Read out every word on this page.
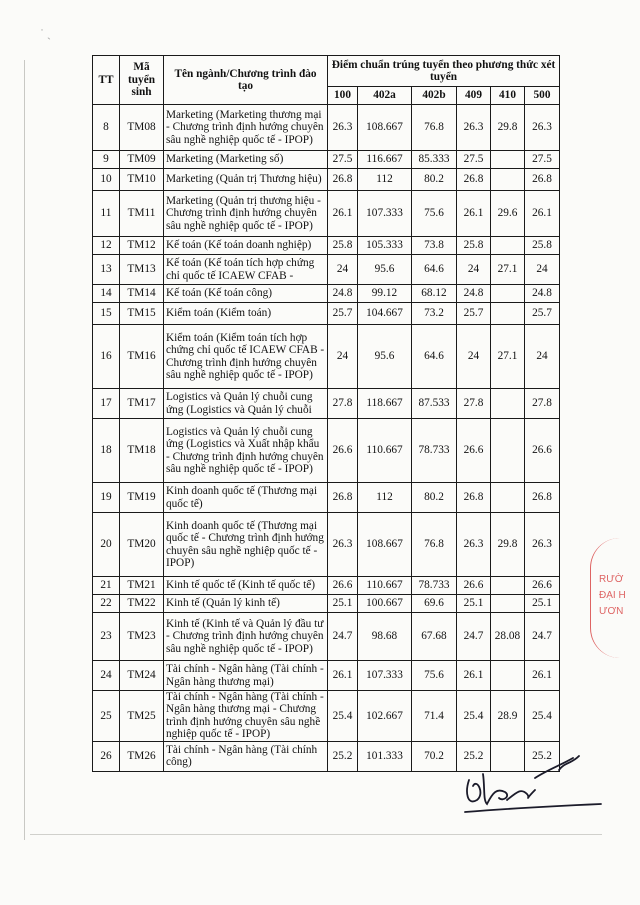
˙ ˏ
TT	Mã tuyển sinh	Tên ngành/Chương trình đào tạo	Điểm chuẩn trúng tuyển theo phương thức xét tuyển					
			100	402a	402b	409	410	500
8	TM08	Marketing (Marketing thương mại - Chương trình định hướng chuyên sâu nghề nghiệp quốc tế - IPOP)	26.3	108.667	76.8	26.3	29.8	26.3
9	TM09	Marketing (Marketing số)	27.5	116.667	85.333	27.5		27.5
10	TM10	Marketing (Quản trị Thương hiệu)	26.8	112	80.2	26.8		26.8
11	TM11	Marketing (Quản trị thương hiệu - Chương trình định hướng chuyên sâu nghề nghiệp quốc tế - IPOP)	26.1	107.333	75.6	26.1	29.6	26.1
12	TM12	Kế toán (Kế toán doanh nghiệp)	25.8	105.333	73.8	25.8		25.8
13	TM13	Kế toán (Kế toán tích hợp chứng chỉ quốc tế ICAEW CFAB -	24	95.6	64.6	24	27.1	24
14	TM14	Kế toán (Kế toán công)	24.8	99.12	68.12	24.8		24.8
15	TM15	Kiểm toán (Kiểm toán)	25.7	104.667	73.2	25.7		25.7
16	TM16	Kiểm toán (Kiểm toán tích hợp chứng chỉ quốc tế ICAEW CFAB - Chương trình định hướng chuyên sâu nghề nghiệp quốc tế - IPOP)	24	95.6	64.6	24	27.1	24
17	TM17	Logistics và Quản lý chuỗi cung ứng (Logistics và Quản lý chuỗi	27.8	118.667	87.533	27.8		27.8
18	TM18	Logistics và Quản lý chuỗi cung ứng (Logistics và Xuất nhập khẩu - Chương trình định hướng chuyên sâu nghề nghiệp quốc tế - IPOP)	26.6	110.667	78.733	26.6		26.6
19	TM19	Kinh doanh quốc tế (Thương mại quốc tế)	26.8	112	80.2	26.8		26.8
20	TM20	Kinh doanh quốc tế (Thương mại quốc tế - Chương trình định hướng chuyên sâu nghề nghiệp quốc tế - IPOP)	26.3	108.667	76.8	26.3	29.8	26.3
21	TM21	Kinh tế quốc tế (Kinh tế quốc tế)	26.6	110.667	78.733	26.6		26.6
22	TM22	Kinh tế (Quản lý kinh tế)	25.1	100.667	69.6	25.1		25.1
23	TM23	Kinh tế (Kinh tế và Quản lý đầu tư - Chương trình định hướng chuyên sâu nghề nghiệp quốc tế - IPOP)	24.7	98.68	67.68	24.7	28.08	24.7
24	TM24	Tài chính - Ngân hàng (Tài chính - Ngân hàng thương mại)	26.1	107.333	75.6	26.1		26.1
25	TM25	Tài chính - Ngân hàng (Tài chính - Ngân hàng thương mại - Chương trình định hướng chuyên sâu nghề nghiệp quốc tế - IPOP)	25.4	102.667	71.4	25.4	28.9	25.4
26	TM26	Tài chính - Ngân hàng (Tài chính công)	25.2	101.333	70.2	25.2		25.2
RƯỜ
ĐẠI H
ƯƠN
